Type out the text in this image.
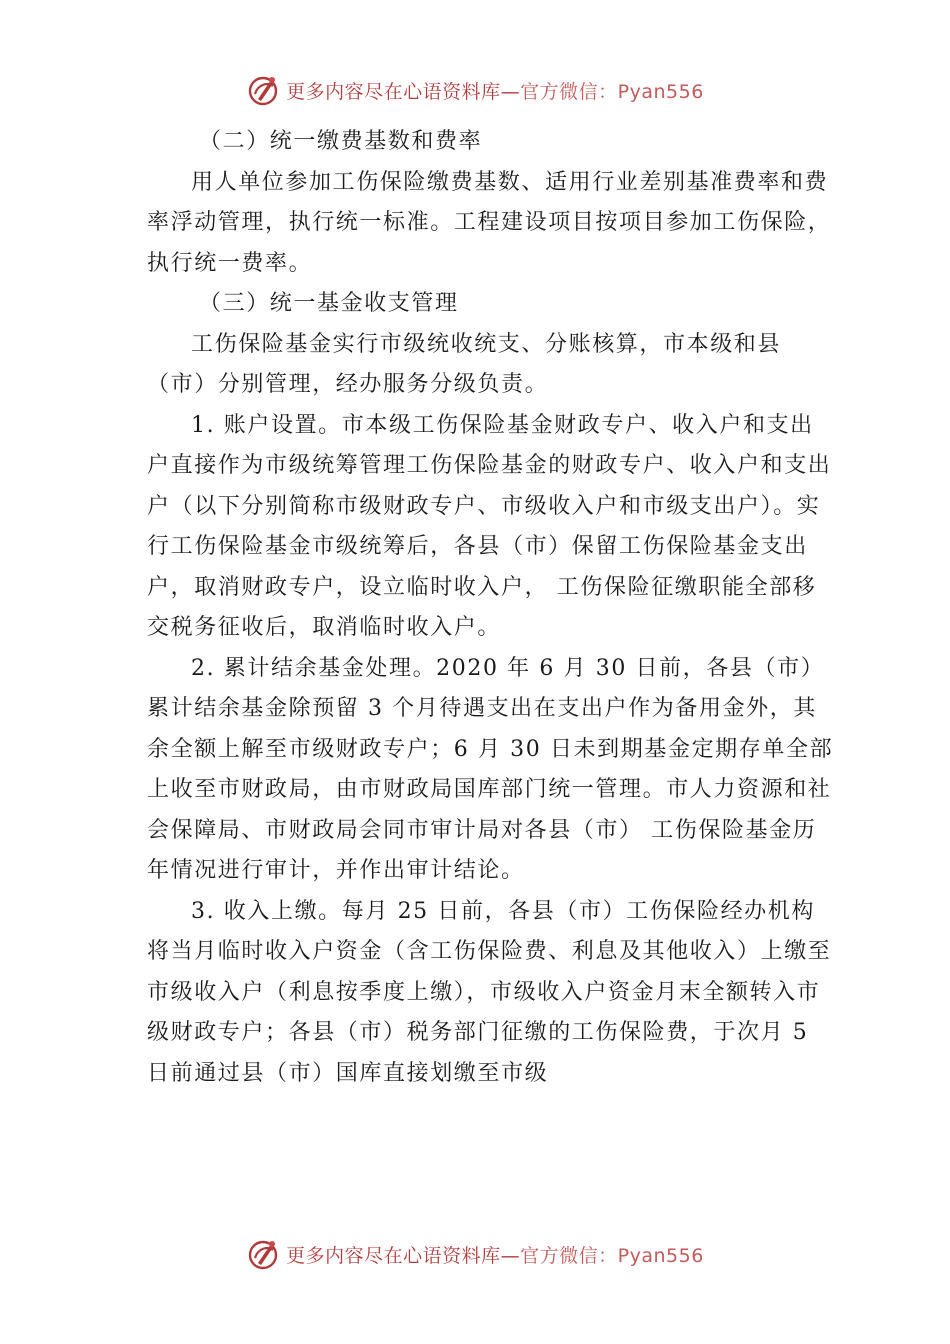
更多内容尽在心语资料库—官方微信：Pyan556

（二）统一缴费基数和费率

用人单位参加工伤保险缴费基数、适用行业差别基准费率和费率浮动管理，执行统一标准。工程建设项目按项目参加工伤保险，执行统一费率。

（三）统一基金收支管理

工伤保险基金实行市级统收统支、分账核算，市本级和县（市）分别管理，经办服务分级负责。

1. 账户设置。市本级工伤保险基金财政专户、收入户和支出户直接作为市级统筹管理工伤保险基金的财政专户、收入户和支出户（以下分别简称市级财政专户、市级收入户和市级支出户）。实行工伤保险基金市级统筹后，各县（市）保留工伤保险基金支出户，取消财政专户，设立临时收入户， 工伤保险征缴职能全部移交税务征收后，取消临时收入户。

2. 累计结余基金处理。2020 年 6 月 30 日前，各县（市）累计结余基金除预留 3 个月待遇支出在支出户作为备用金外，其余全额上解至市级财政专户；6 月 30 日未到期基金定期存单全部上收至市财政局，由市财政局国库部门统一管理。市人力资源和社会保障局、市财政局会同市审计局对各县（市） 工伤保险基金历年情况进行审计，并作出审计结论。

3. 收入上缴。每月 25 日前，各县（市）工伤保险经办机构将当月临时收入户资金（含工伤保险费、利息及其他收入）上缴至市级收入户（利息按季度上缴），市级收入户资金月末全额转入市级财政专户；各县（市）税务部门征缴的工伤保险费，于次月 5 日前通过县（市）国库直接划缴至市级

更多内容尽在心语资料库—官方微信：Pyan556
